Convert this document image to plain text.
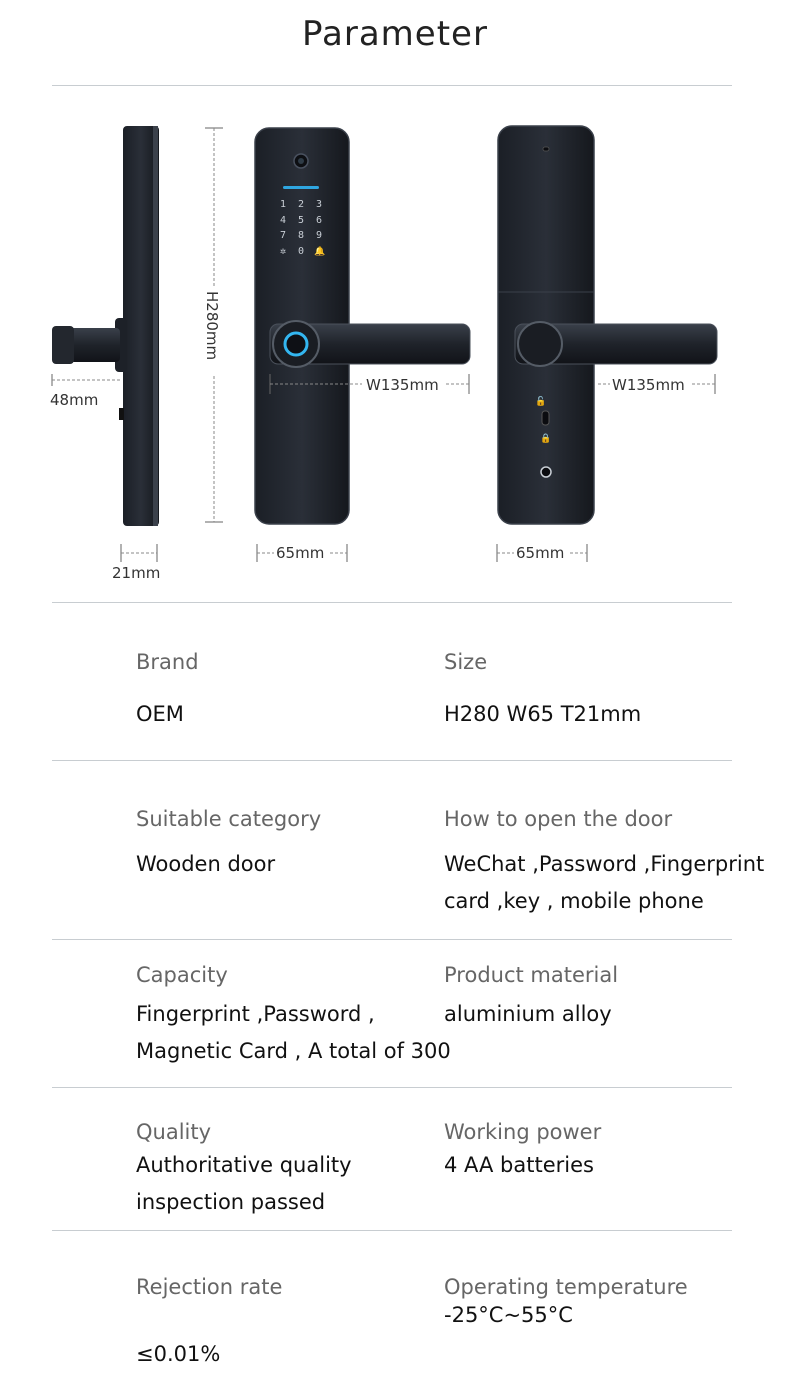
Parameter
48mm
21mm
H280mm
1 2 3
4 5 6
7 8 9
✲ 0 🔔
W135mm
65mm
🔓
🔒
W135mm
65mm
Brand
OEM
Size
H280 W65 T21mm
Suitable category
Wooden door
How to open the door
WeChat ,Password ,Fingerprint
card ,key , mobile phone
Capacity
Fingerprint ,Password ,
Magnetic Card , A total of 300
Product material
aluminium alloy
Quality
Authoritative quality
inspection passed
Working power
4 AA batteries
Rejection rate
≤0.01%
Operating temperature
-25°C~55°C
